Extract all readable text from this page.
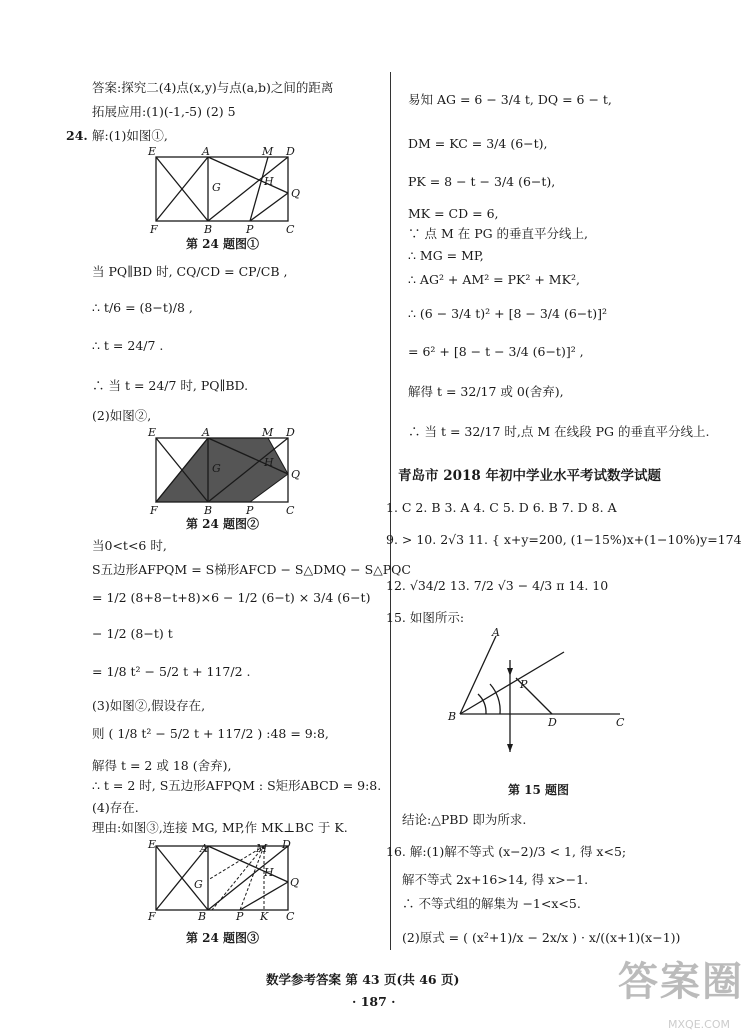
答案:探究二(4)点(x,y)与点(a,b)之间的距离
拓展应用:(1)(-1,-5) (2) 5
24. 解:(1)如图①,
E	A	M D
G	H
Q
F	B	P	C
第 24 题图①
当 PQ∥BD 时, CQ/CD = CP/CB ,
∴ t/6 = (8−t)/8 ,
∴ t = 24/7 .
∴ 当 t = 24/7 时, PQ∥BD.
(2)如图②,
E	A	M D
G	H
Q
F	B	P	C
第 24 题图②
当0<t<6 时,
S五边形AFPQM = S梯形AFCD − S△DMQ − S△PQC
= 1/2 (8+8−t+8)×6 − 1/2 (6−t) × 3/4 (6−t)
− 1/2 (8−t) t
= 1/8 t² − 5/2 t + 117/2 .
(3)如图②,假设存在,
则 ( 1/8 t² − 5/2 t + 117/2 ) :48 = 9:8,
解得 t = 2 或 18 (舍弃),
∴ t = 2 时, S五边形AFPQM : S矩形ABCD = 9:8.
(4)存在.
理由:如图③,连接 MG, MP,作 MK⊥BC 于 K.
E	A	M D
G
H
Q
F	B	P K C
第 24 题图③
易知 AG = 6 − 3/4 t, DQ = 6 − t,
DM = KC = 3/4 (6−t),
PK = 8 − t − 3/4 (6−t),
MK = CD = 6,
∵ 点 M 在 PG 的垂直平分线上,
∴ MG = MP,
∴ AG² + AM² = PK² + MK²,
∴ (6 − 3/4 t)² + [8 − 3/4 (6−t)]²
= 6² + [8 − t − 3/4 (6−t)]² ,
解得 t = 32/17 或 0(舍弃),
∴ 当 t = 32/17 时,点 M 在线段 PG 的垂直平分线上.
青岛市 2018 年初中学业水平考试数学试题
1. C 2. B 3. A 4. C 5. D 6. B 7. D 8. A
9. > 10. 2√3 11. { x+y=200, (1−15%)x+(1−10%)y=174
12. √34/2 13. 7/2 √3 − 4/3 π 14. 10
15. 如图所示:
A
B
P
D	C
第 15 题图
结论:△PBD 即为所求.
16. 解:(1)解不等式 (x−2)/3 < 1, 得 x<5;
解不等式 2x+16>14, 得 x>−1.
∴ 不等式组的解集为 −1<x<5.
(2)原式 = ( (x²+1)/x − 2x/x ) · x/((x+1)(x−1))
数学参考答案 第 43 页(共 46 页)
· 187 ·	答案圈
MXQE.COM
